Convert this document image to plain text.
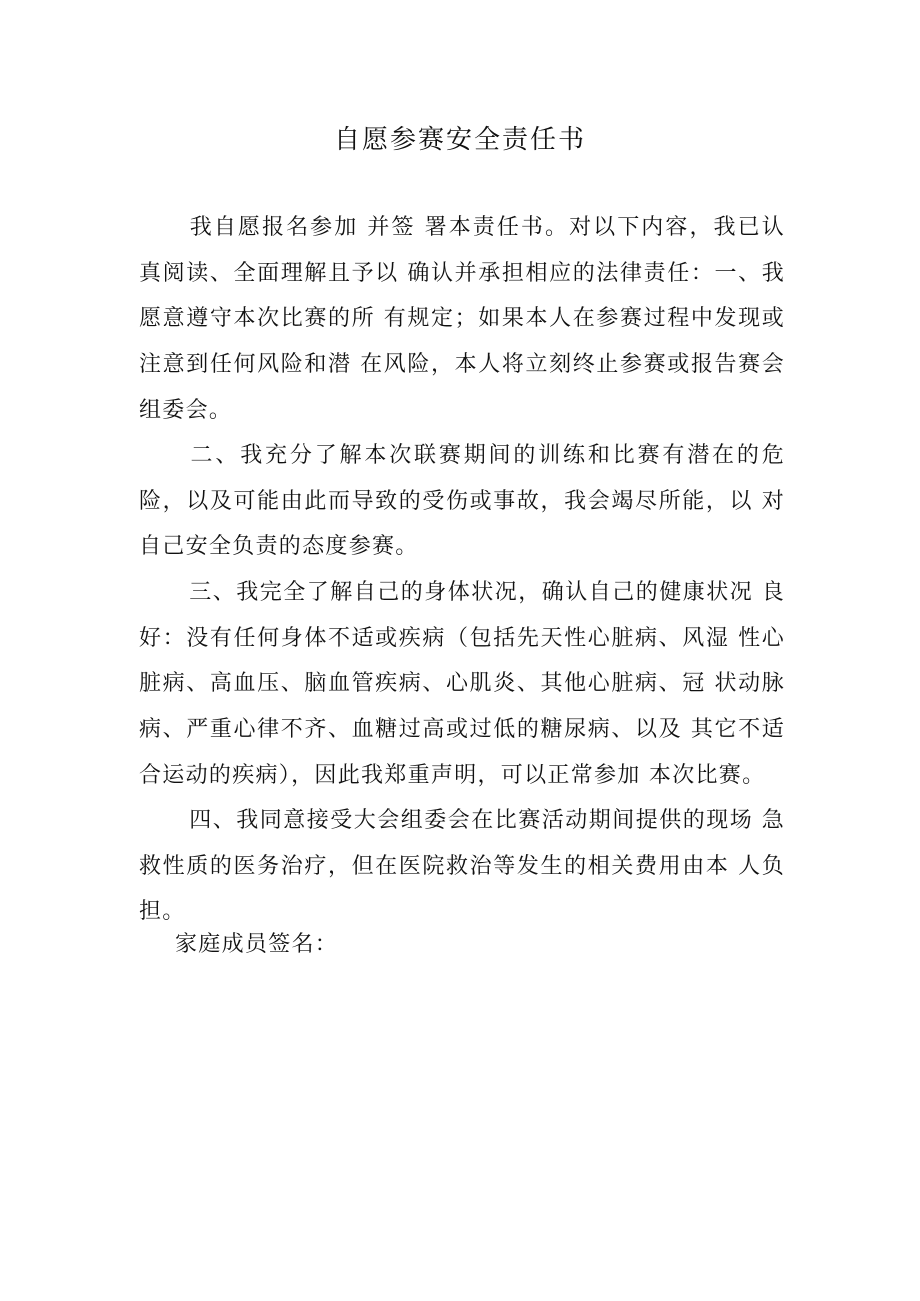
自愿参赛安全责任书

我自愿报名参加 并签 署本责任书。对以下内容，我已认真阅读、全面理解且予以 确认并承担相应的法律责任：一、我愿意遵守本次比赛的所 有规定；如果本人在参赛过程中发现或注意到任何风险和潜 在风险，本人将立刻终止参赛或报告赛会组委会。

二、我充分了解本次联赛期间的训练和比赛有潜在的危 险，以及可能由此而导致的受伤或事故，我会竭尽所能，以 对自己安全负责的态度参赛。

三、我完全了解自己的身体状况，确认自己的健康状况 良好：没有任何身体不适或疾病（包括先天性心脏病、风湿 性心脏病、高血压、脑血管疾病、心肌炎、其他心脏病、冠 状动脉病、严重心律不齐、血糖过高或过低的糖尿病、以及 其它不适合运动的疾病），因此我郑重声明，可以正常参加 本次比赛。

四、我同意接受大会组委会在比赛活动期间提供的现场 急救性质的医务治疗，但在医院救治等发生的相关费用由本 人负担。

家庭成员签名：
